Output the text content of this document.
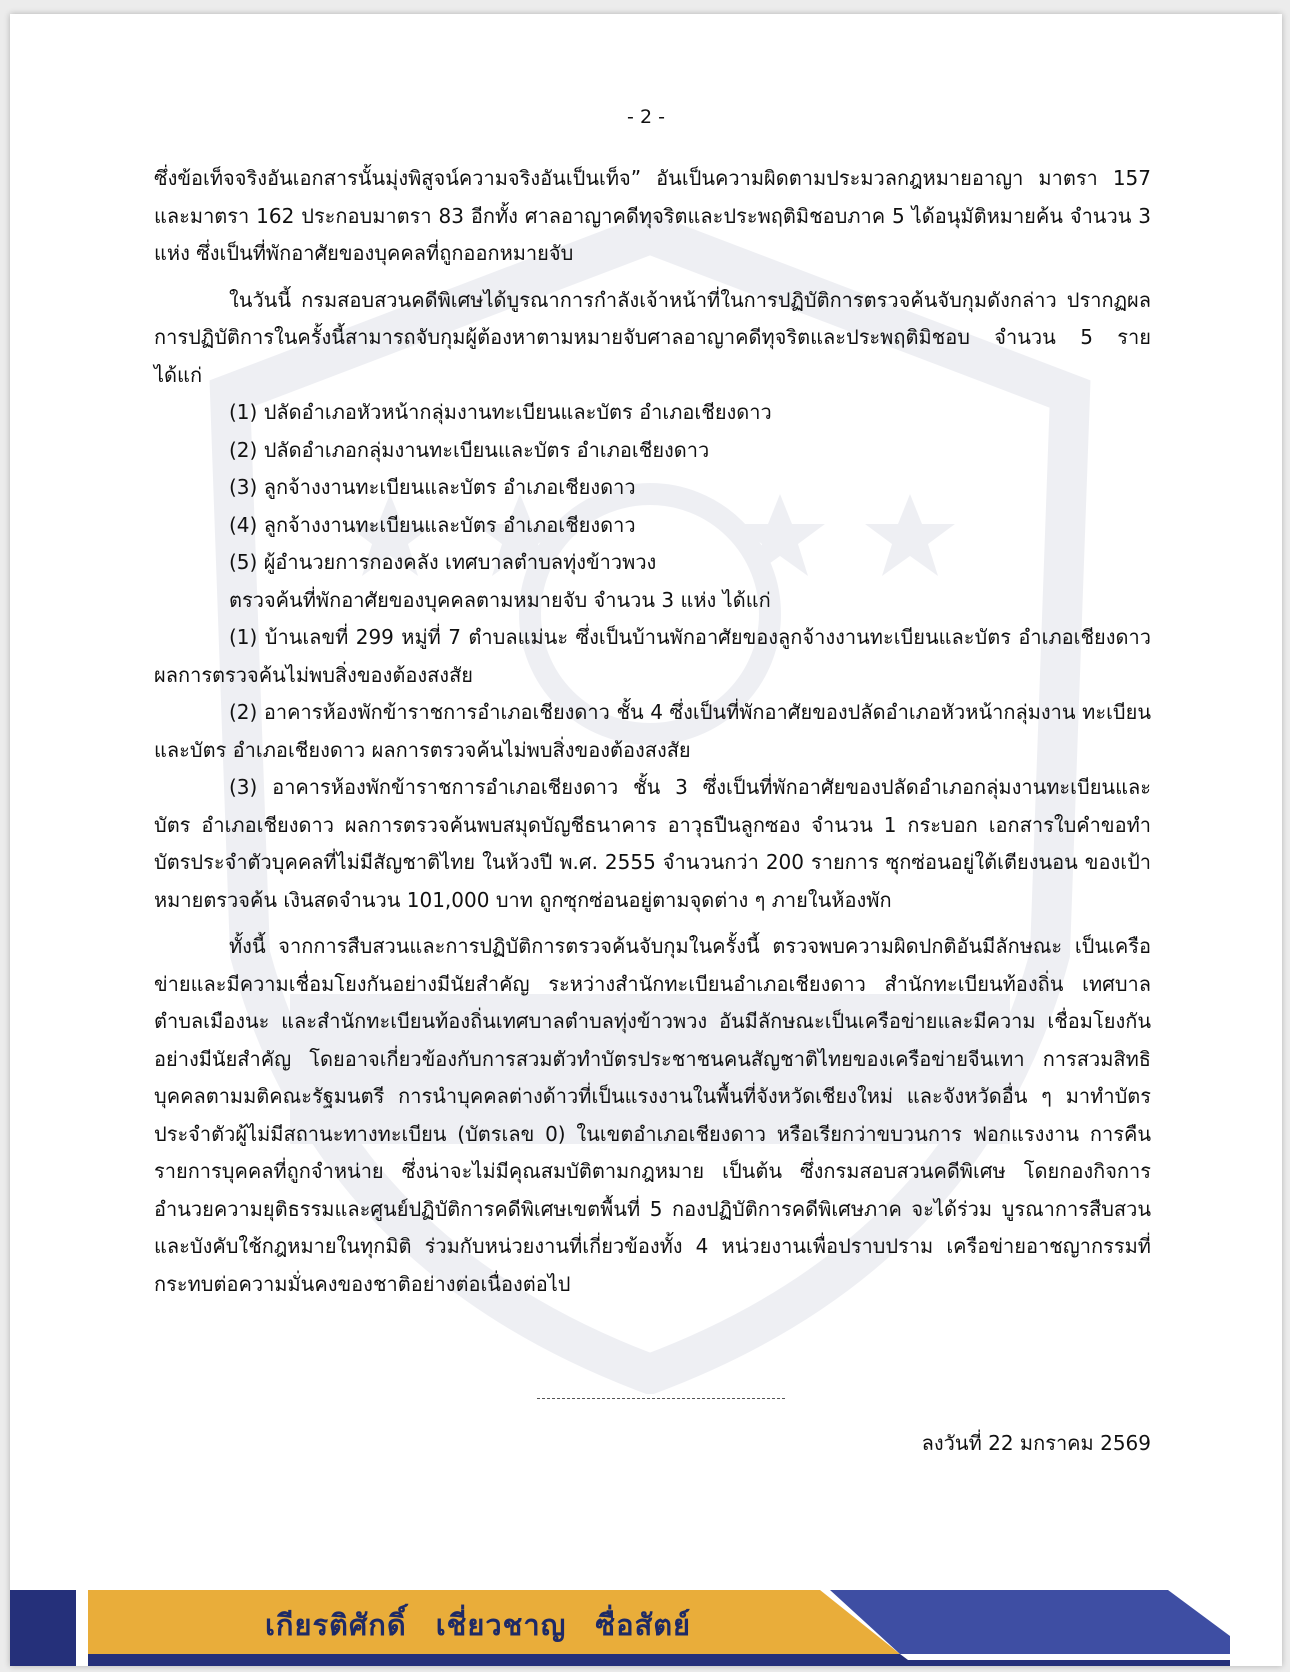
- 2 -

ซึ่งข้อเท็จจริงอันเอกสารนั้นมุ่งพิสูจน์ความจริงอันเป็นเท็จ” อันเป็นความผิดตามประมวลกฎหมายอาญา มาตรา 157 และมาตรา 162 ประกอบมาตรา 83 อีกทั้ง ศาลอาญาคดีทุจริตและประพฤติมิชอบภาค 5 ได้อนุมัติหมายค้น จำนวน 3 แห่ง ซึ่งเป็นที่พักอาศัยของบุคคลที่ถูกออกหมายจับ

ในวันนี้ กรมสอบสวนคดีพิเศษได้บูรณาการกำลังเจ้าหน้าที่ในการปฏิบัติการตรวจค้นจับกุมดังกล่าว ปรากฏผลการปฏิบัติการในครั้งนี้สามารถจับกุมผู้ต้องหาตามหมายจับศาลอาญาคดีทุจริตและประพฤติมิชอบ จำนวน 5 ราย ได้แก่

(1) ปลัดอำเภอหัวหน้ากลุ่มงานทะเบียนและบัตร อำเภอเชียงดาว

(2) ปลัดอำเภอกลุ่มงานทะเบียนและบัตร อำเภอเชียงดาว

(3) ลูกจ้างงานทะเบียนและบัตร อำเภอเชียงดาว

(4) ลูกจ้างงานทะเบียนและบัตร อำเภอเชียงดาว

(5) ผู้อำนวยการกองคลัง เทศบาลตำบลทุ่งข้าวพวง

ตรวจค้นที่พักอาศัยของบุคคลตามหมายจับ จำนวน 3 แห่ง ได้แก่

(1) บ้านเลขที่ 299 หมู่ที่ 7 ตำบลแม่นะ ซึ่งเป็นบ้านพักอาศัยของลูกจ้างงานทะเบียนและบัตร อำเภอเชียงดาว ผลการตรวจค้นไม่พบสิ่งของต้องสงสัย

(2) อาคารห้องพักข้าราชการอำเภอเชียงดาว ชั้น 4 ซึ่งเป็นที่พักอาศัยของปลัดอำเภอหัวหน้ากลุ่มงาน ทะเบียนและบัตร อำเภอเชียงดาว ผลการตรวจค้นไม่พบสิ่งของต้องสงสัย

(3) อาคารห้องพักข้าราชการอำเภอเชียงดาว ชั้น 3 ซึ่งเป็นที่พักอาศัยของปลัดอำเภอกลุ่มงานทะเบียนและบัตร อำเภอเชียงดาว ผลการตรวจค้นพบสมุดบัญชีธนาคาร อาวุธปืนลูกซอง จำนวน 1 กระบอก เอกสารใบคำขอทำบัตรประจำตัวบุคคลที่ไม่มีสัญชาติไทย ในห้วงปี พ.ศ. 2555 จำนวนกว่า 200 รายการ ซุกซ่อนอยู่ใต้เตียงนอน ของเป้าหมายตรวจค้น เงินสดจำนวน 101,000 บาท ถูกซุกซ่อนอยู่ตามจุดต่าง ๆ ภายในห้องพัก

ทั้งนี้ จากการสืบสวนและการปฏิบัติการตรวจค้นจับกุมในครั้งนี้ ตรวจพบความผิดปกติอันมีลักษณะ เป็นเครือข่ายและมีความเชื่อมโยงกันอย่างมีนัยสำคัญ ระหว่างสำนักทะเบียนอำเภอเชียงดาว สำนักทะเบียนท้องถิ่น เทศบาลตำบลเมืองนะ และสำนักทะเบียนท้องถิ่นเทศบาลตำบลทุ่งข้าวพวง อันมีลักษณะเป็นเครือข่ายและมีความ เชื่อมโยงกันอย่างมีนัยสำคัญ โดยอาจเกี่ยวข้องกับการสวมตัวทำบัตรประชาชนคนสัญชาติไทยของเครือข่ายจีนเทา การสวมสิทธิบุคคลตามมติคณะรัฐมนตรี การนำบุคคลต่างด้าวที่เป็นแรงงานในพื้นที่จังหวัดเชียงใหม่ และจังหวัดอื่น ๆ มาทำบัตรประจำตัวผู้ไม่มีสถานะทางทะเบียน (บัตรเลข 0) ในเขตอำเภอเชียงดาว หรือเรียกว่าขบวนการ ฟอกแรงงาน การคืนรายการบุคคลที่ถูกจำหน่าย ซึ่งน่าจะไม่มีคุณสมบัติตามกฎหมาย เป็นต้น ซึ่งกรมสอบสวนคดีพิเศษ โดยกองกิจการอำนวยความยุติธรรมและศูนย์ปฏิบัติการคดีพิเศษเขตพื้นที่ 5 กองปฏิบัติการคดีพิเศษภาค จะได้ร่วม บูรณาการสืบสวนและบังคับใช้กฎหมายในทุกมิติ ร่วมกับหน่วยงานที่เกี่ยวข้องทั้ง 4 หน่วยงานเพื่อปราบปราม เครือข่ายอาชญากรรมที่กระทบต่อความมั่นคงของชาติอย่างต่อเนื่องต่อไป

ลงวันที่ 22 มกราคม 2569
เกียรติศักดิ์ เชี่ยวชาญ ซื่อสัตย์
